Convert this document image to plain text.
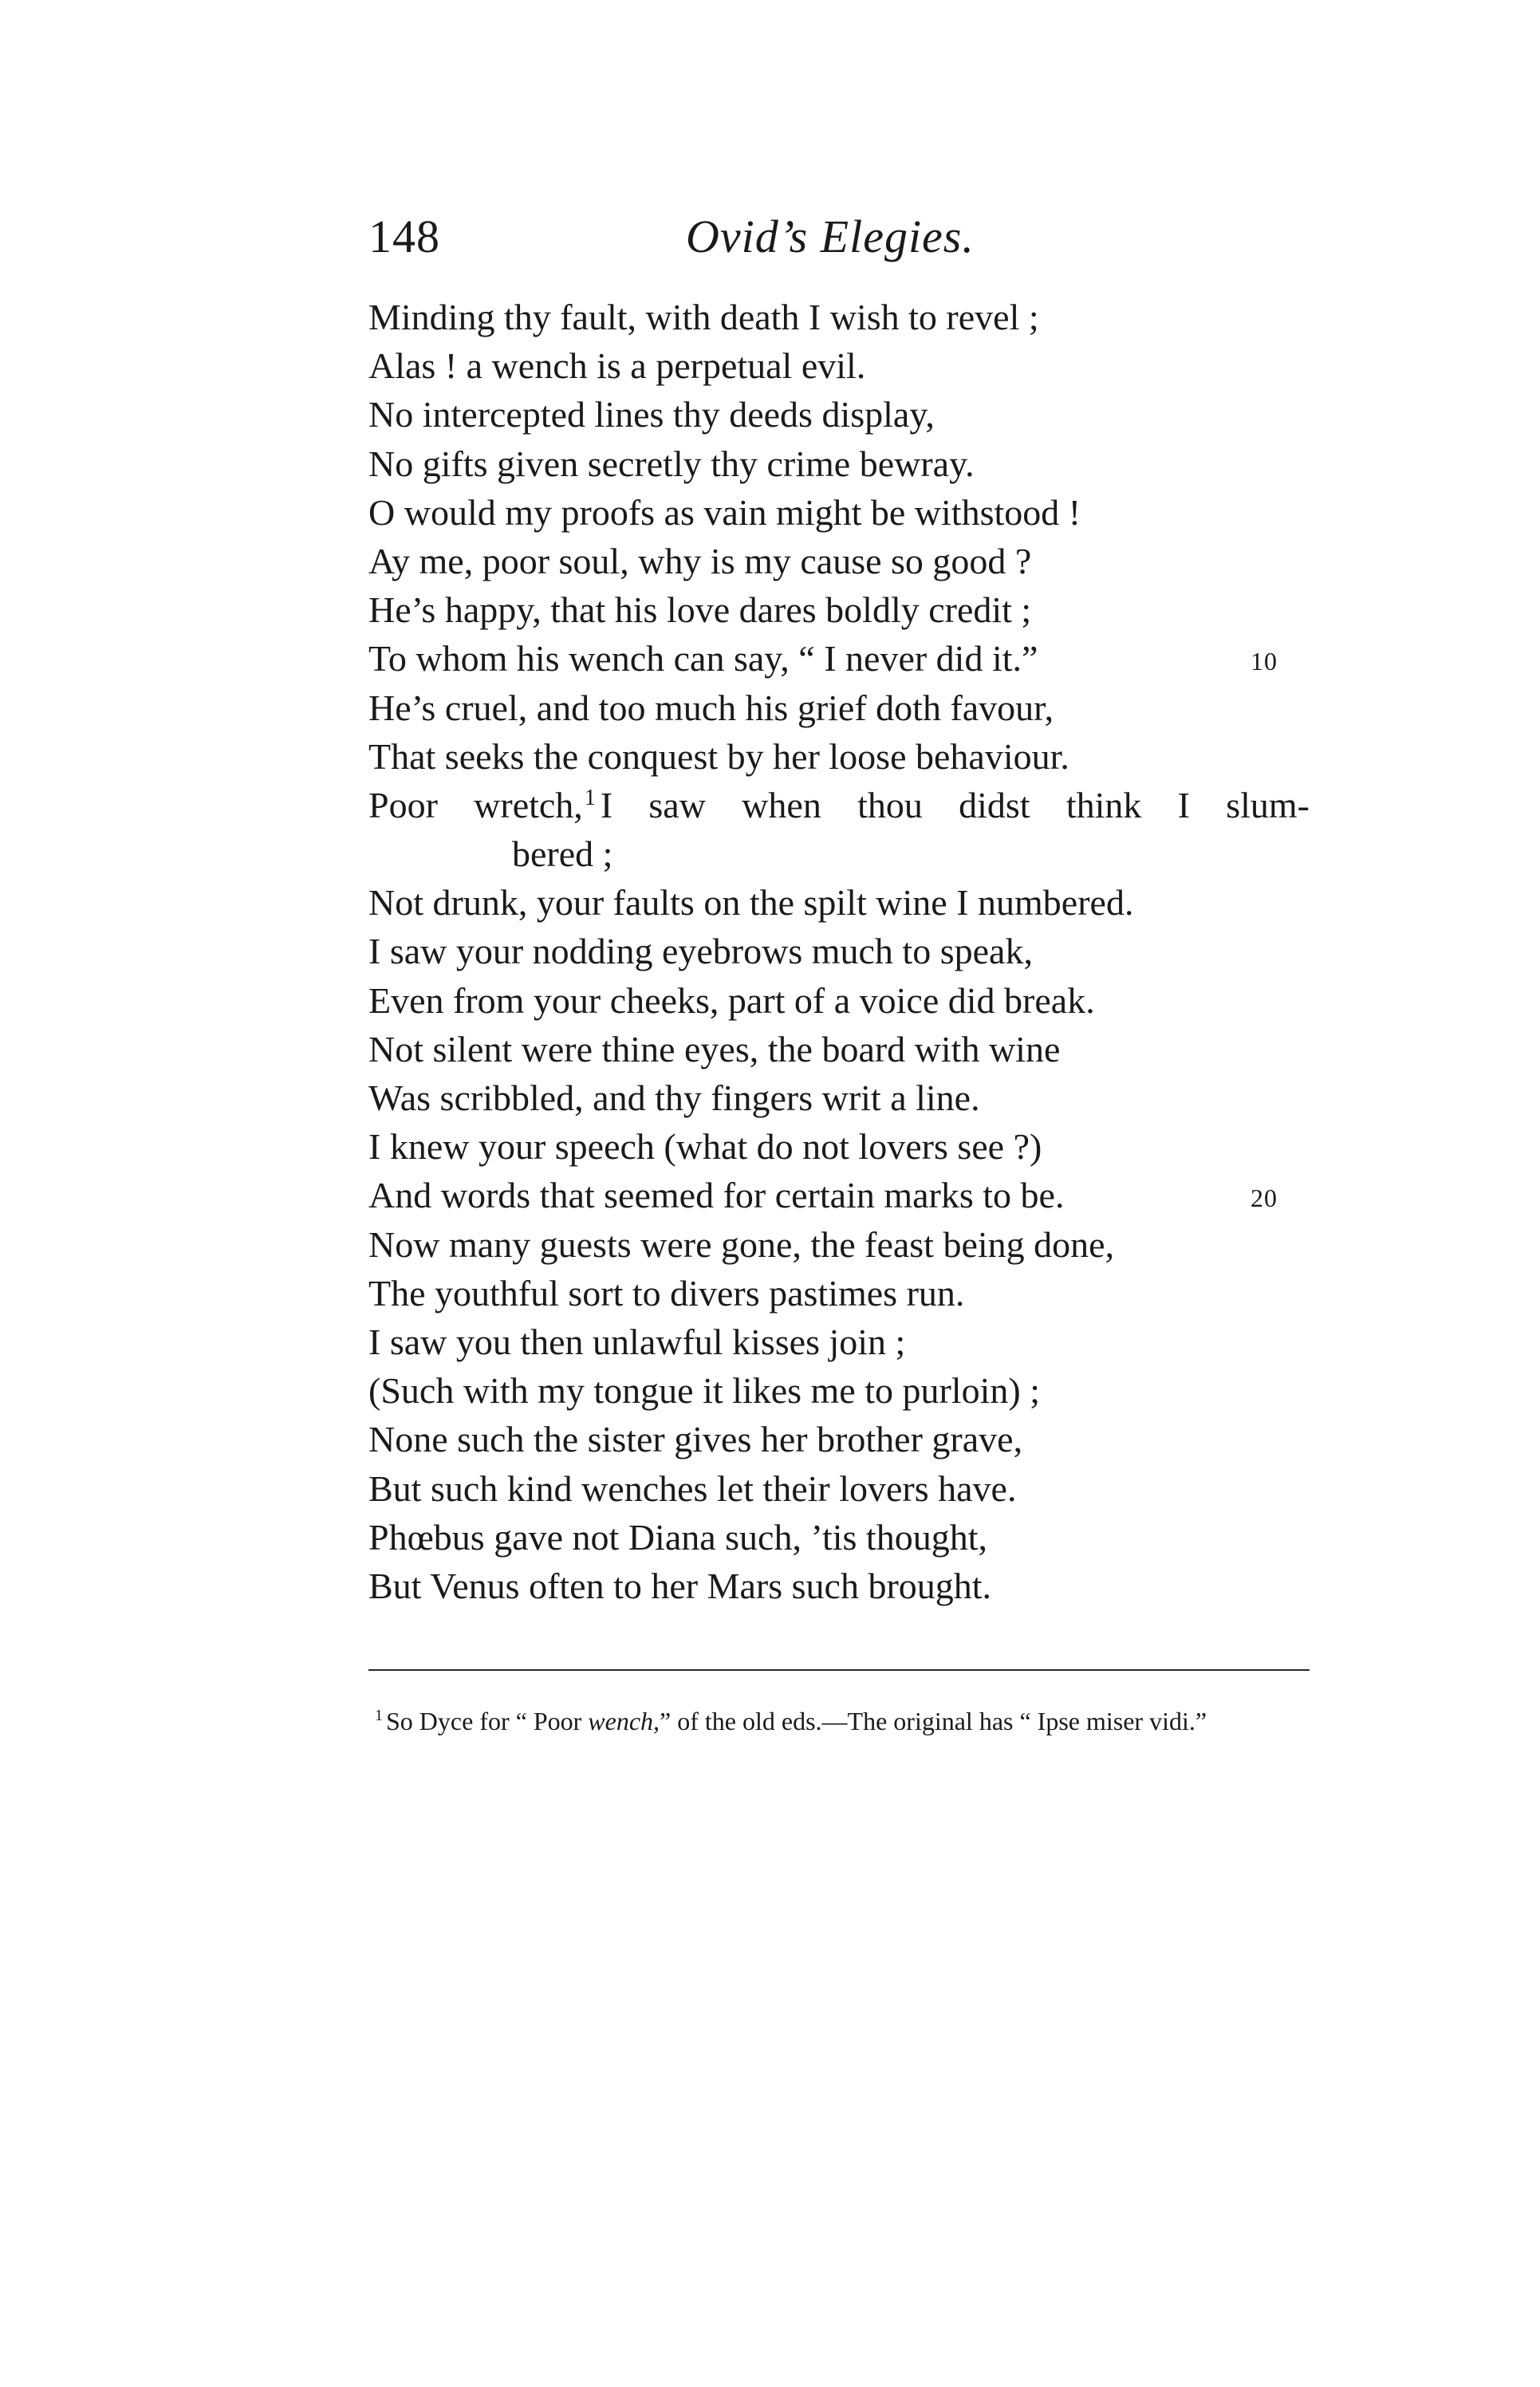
148	Ovid’s Elegies.
Minding thy fault, with death I wish to revel ;
Alas ! a wench is a perpetual evil.
No intercepted lines thy deeds display,
No gifts given secretly thy crime bewray.
O would my proofs as vain might be withstood !
Ay me, poor soul, why is my cause so good ?
He’s happy, that his love dares boldly credit ;
To whom his wench can say, “ I never did it.”	10
He’s cruel, and too much his grief doth favour,
That seeks the conquest by her loose behaviour.
Poor wretch,$^1$ I saw when thou didst think I slum-
bered ;
Not drunk, your faults on the spilt wine I numbered.
I saw your nodding eyebrows much to speak,
Even from your cheeks, part of a voice did break.
Not silent were thine eyes, the board with wine
Was scribbled, and thy fingers writ a line.
I knew your speech (what do not lovers see ?)
And words that seemed for certain marks to be.	20
Now many guests were gone, the feast being done,
The youthful sort to divers pastimes run.
I saw you then unlawful kisses join ;
(Such with my tongue it likes me to purloin) ;
None such the sister gives her brother grave,
But such kind wenches let their lovers have.
Phœbus gave not Diana such, ’tis thought,
But Venus often to her Mars such brought.
$^1$ So Dyce for “ Poor wench,” of the old eds.—The original has “ Ipse miser vidi.”
